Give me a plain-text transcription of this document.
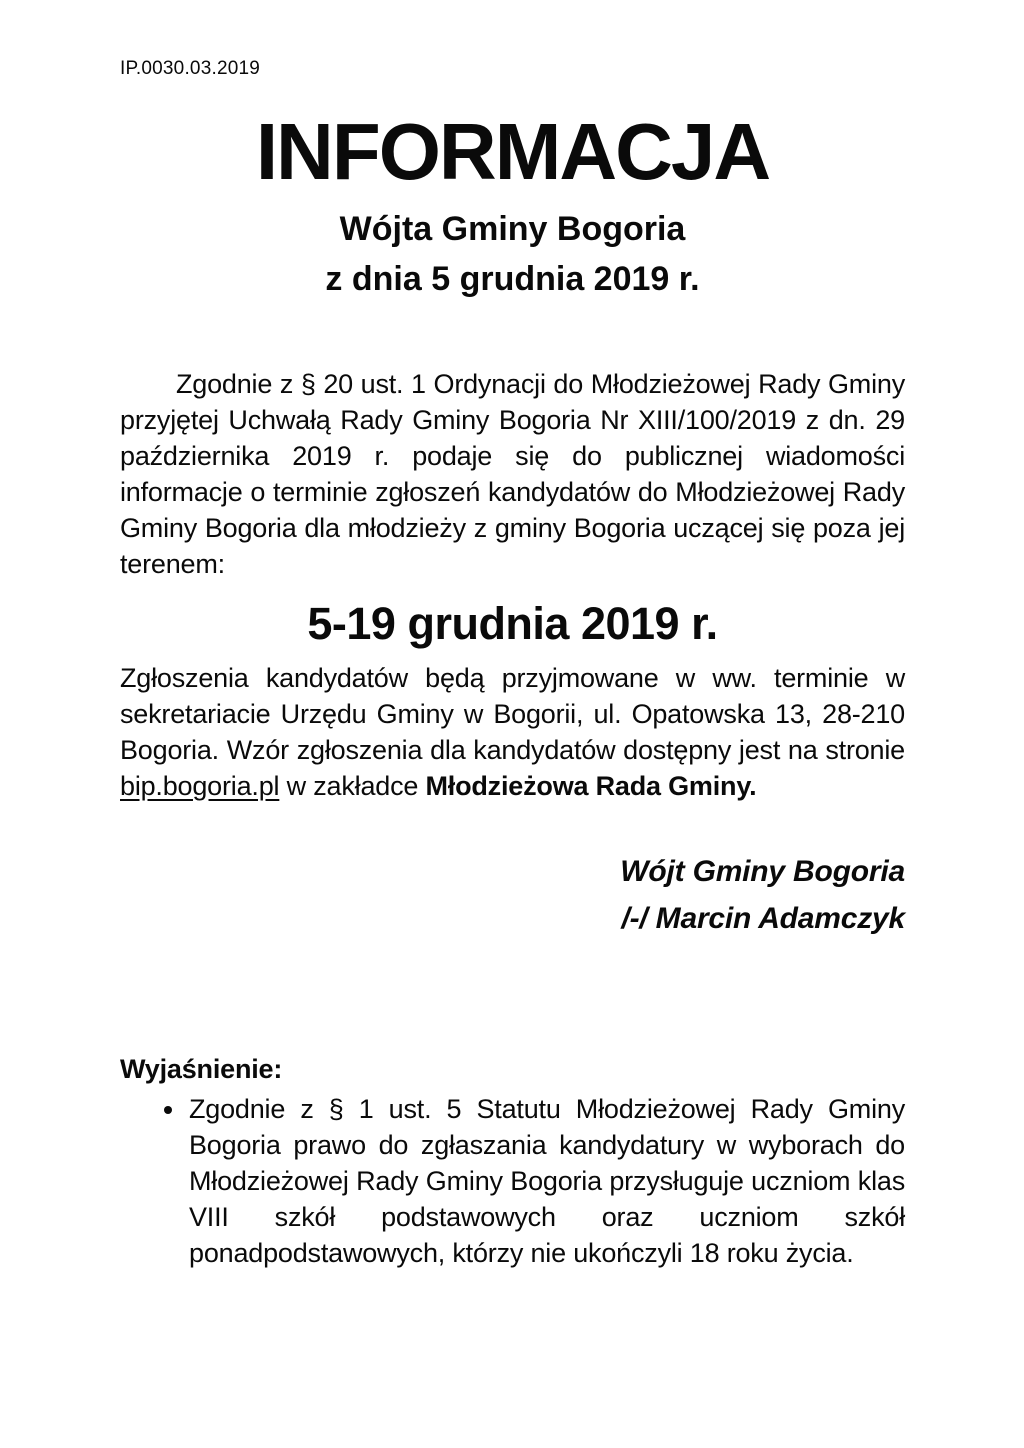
IP.0030.03.2019
INFORMACJA
Wójta Gminy Bogoria
z dnia 5 grudnia 2019 r.

Zgodnie z § 20 ust. 1 Ordynacji do Młodzieżowej Rady Gminy przyjętej Uchwałą Rady Gminy Bogoria Nr XIII/100/2019 z dn. 29 października 2019 r. podaje się do publicznej wiadomości informacje o terminie zgłoszeń kandydatów do Młodzieżowej Rady Gminy Bogoria dla młodzieży z gminy Bogoria uczącej się poza jej terenem:

5-19 grudnia 2019 r.

Zgłoszenia kandydatów będą przyjmowane w ww. terminie w sekretariacie Urzędu Gminy w Bogorii, ul. Opatowska 13, 28-210 Bogoria. Wzór zgłoszenia dla kandydatów dostępny jest na stronie bip.bogoria.pl w zakładce Młodzieżowa Rada Gminy.

Wójt Gminy Bogoria
/-/ Marcin Adamczyk
Wyjaśnienie:
• Zgodnie z § 1 ust. 5 Statutu Młodzieżowej Rady Gminy Bogoria prawo do zgłaszania kandydatury w wyborach do Młodzieżowej Rady Gminy Bogoria przysługuje uczniom klas VIII szkół podstawowych oraz uczniom szkół ponadpodstawowych, którzy nie ukończyli 18 roku życia.
